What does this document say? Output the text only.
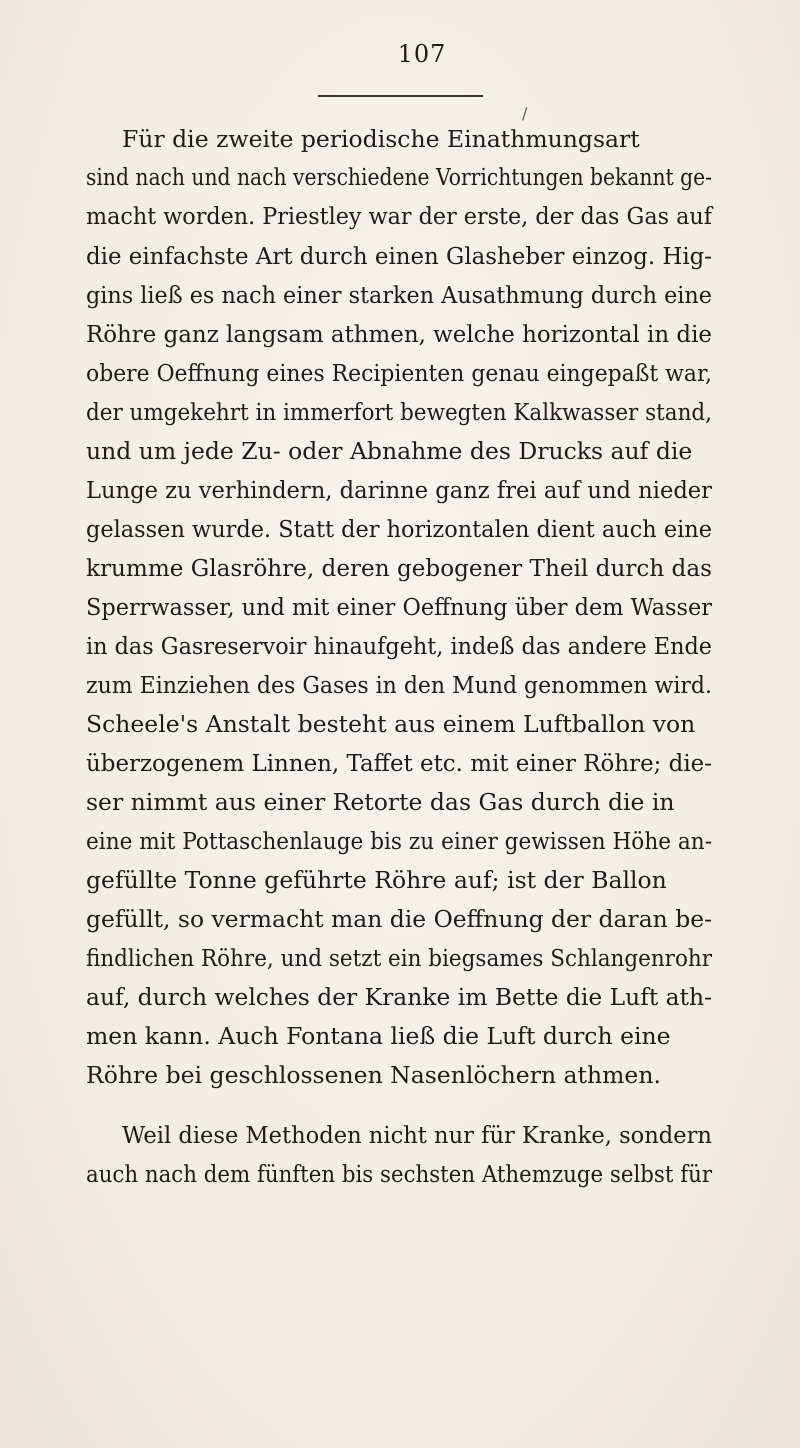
107
∕
Für die zweite periodische Einathmungsart
sind nach und nach verschiedene Vorrichtungen bekannt ge-
macht worden. Priestley war der erste, der das Gas auf
die einfachste Art durch einen Glasheber einzog. Hig-
gins ließ es nach einer starken Ausathmung durch eine
Röhre ganz langsam athmen, welche horizontal in die
obere Oeffnung eines Recipienten genau eingepaßt war,
der umgekehrt in immerfort bewegten Kalkwasser stand,
und um jede Zu- oder Abnahme des Drucks auf die
Lunge zu verhindern, darinne ganz frei auf und nieder
gelassen wurde. Statt der horizontalen dient auch eine
krumme Glasröhre, deren gebogener Theil durch das
Sperrwasser, und mit einer Oeffnung über dem Wasser
in das Gasreservoir hinaufgeht, indeß das andere Ende
zum Einziehen des Gases in den Mund genommen wird.
Scheele's Anstalt besteht aus einem Luftballon von
überzogenem Linnen, Taffet etc. mit einer Röhre; die-
ser nimmt aus einer Retorte das Gas durch die in
eine mit Pottaschenlauge bis zu einer gewissen Höhe an-
gefüllte Tonne geführte Röhre auf; ist der Ballon
gefüllt, so vermacht man die Oeffnung der daran be-
findlichen Röhre, und setzt ein biegsames Schlangenrohr
auf, durch welches der Kranke im Bette die Luft ath-
men kann. Auch Fontana ließ die Luft durch eine
Röhre bei geschlossenen Nasenlöchern athmen.
Weil diese Methoden nicht nur für Kranke, sondern
auch nach dem fünften bis sechsten Athemzuge selbst für
